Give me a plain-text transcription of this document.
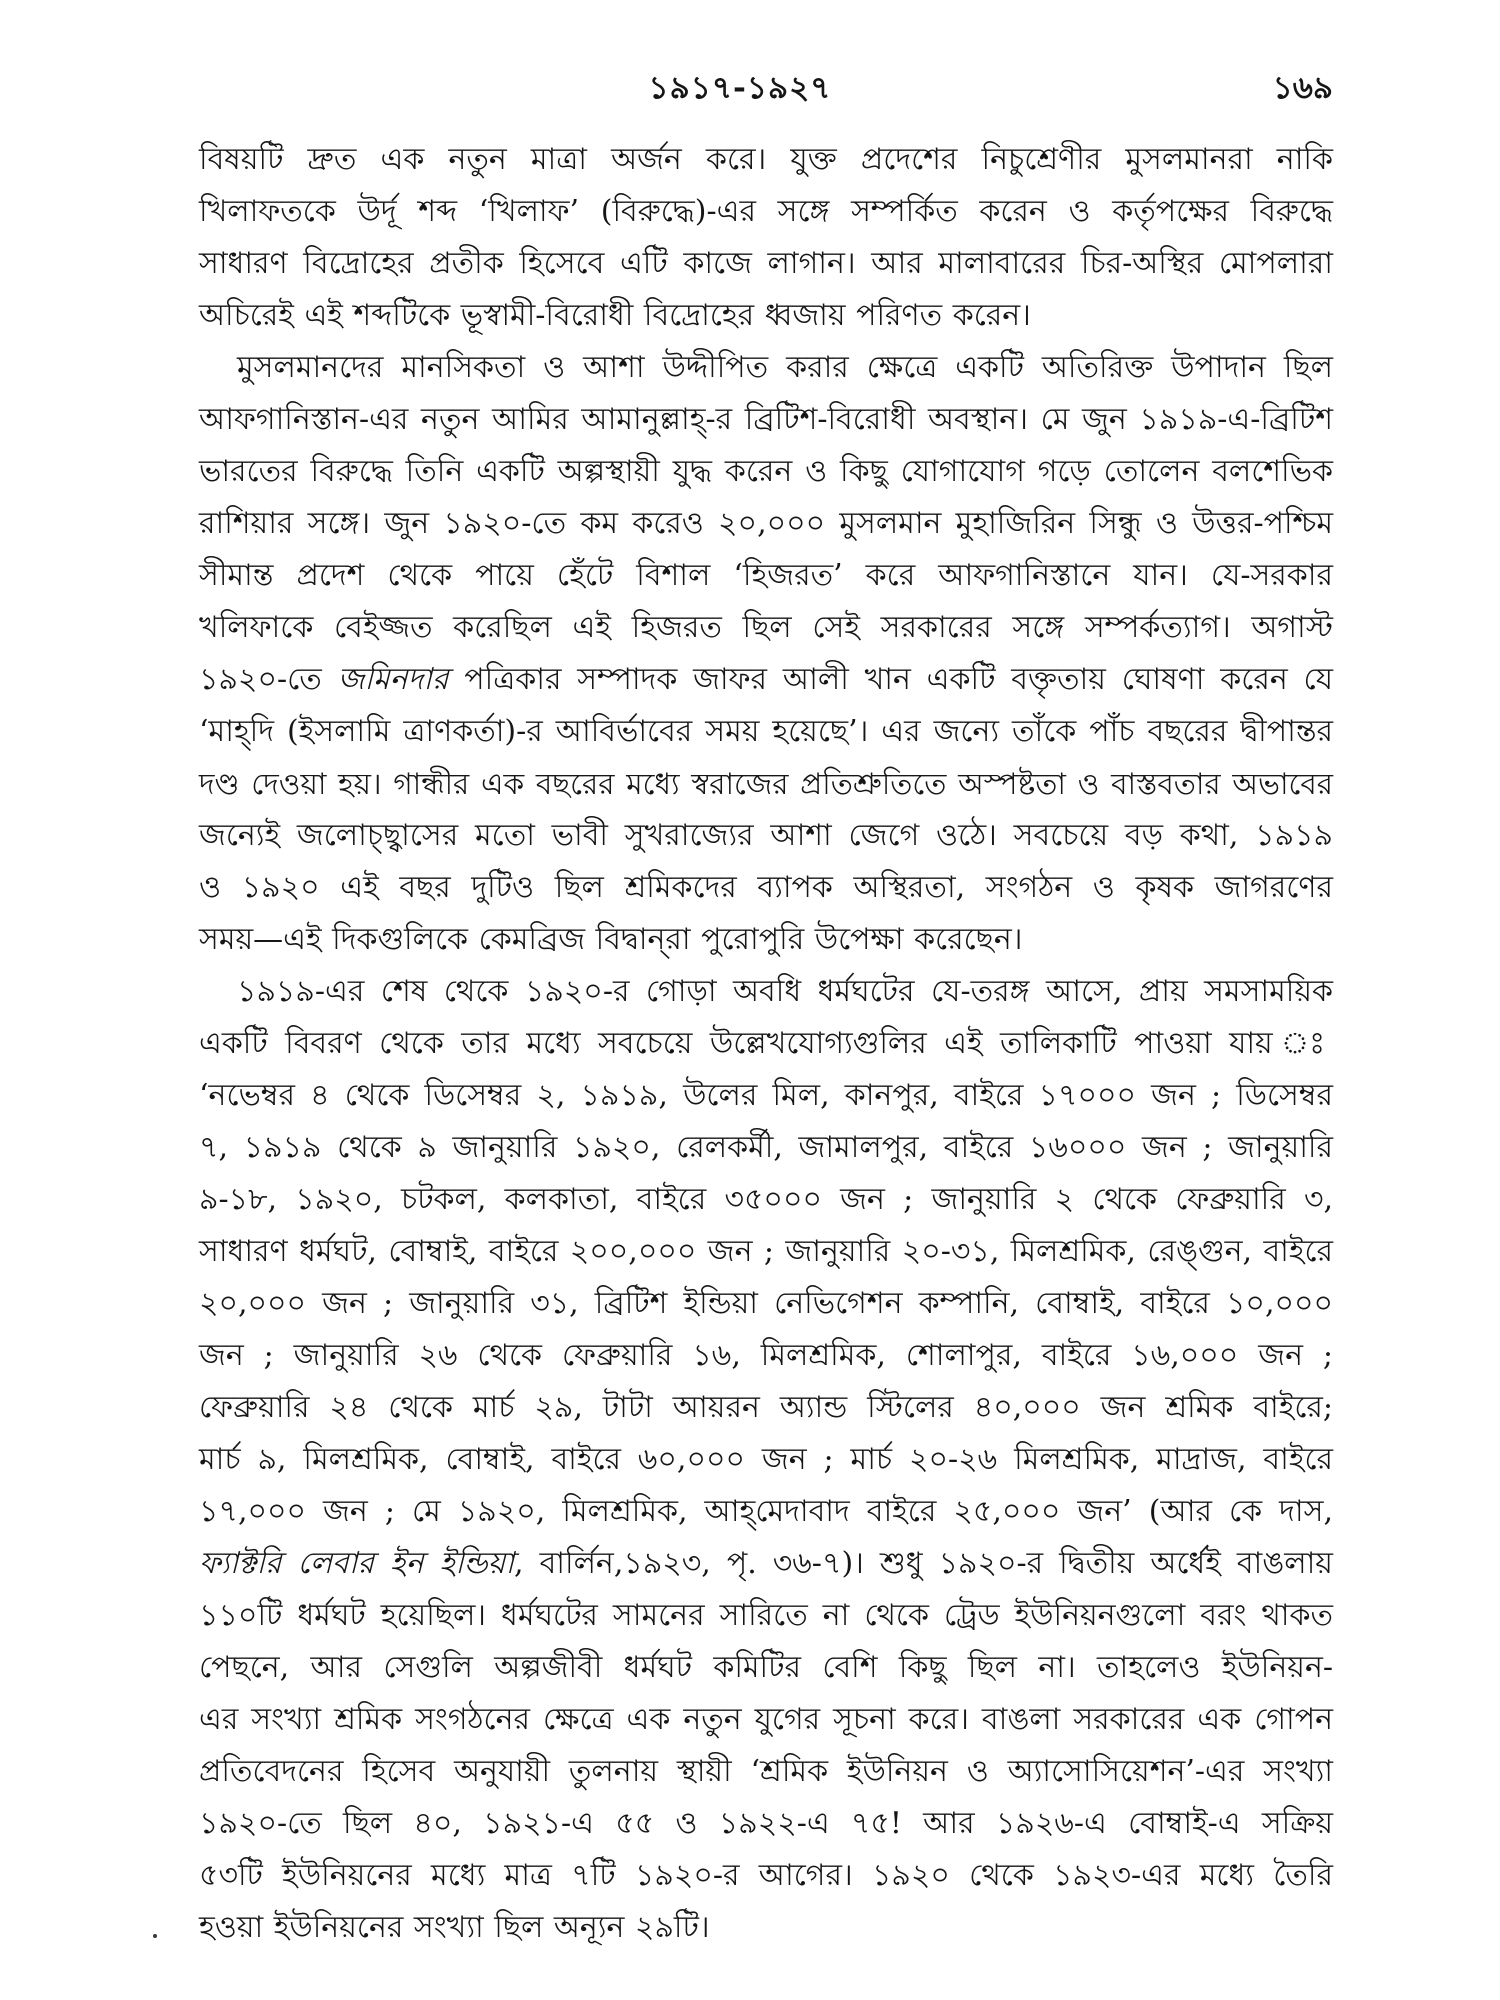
১৯১৭-১৯২৭	১৬৯
বিষয়টি দ্রুত এক নতুন মাত্রা অর্জন করে। যুক্ত প্রদেশের নিচুশ্রেণীর মুসলমানরা নাকি
খিলাফতকে উর্দূ শব্দ ‘খিলাফ’ (বিরুদ্ধে)-এর সঙ্গে সম্পর্কিত করেন ও কর্তৃপক্ষের বিরুদ্ধে
সাধারণ বিদ্রোহের প্রতীক হিসেবে এটি কাজে লাগান। আর মালাবারের চির-অস্থির মোপলারা
অচিরেই এই শব্দটিকে ভূস্বামী-বিরোধী বিদ্রোহের ধ্বজায় পরিণত করেন।
মুসলমানদের মানসিকতা ও আশা উদ্দীপিত করার ক্ষেত্রে একটি অতিরিক্ত উপাদান ছিল
আফগানিস্তান-এর নতুন আমির আমানুল্লাহ্-র ব্রিটিশ-বিরোধী অবস্থান। মে জুন ১৯১৯-এ-ব্রিটিশ
ভারতের বিরুদ্ধে তিনি একটি অল্পস্থায়ী যুদ্ধ করেন ও কিছু যোগাযোগ গড়ে তোলেন বলশেভিক
রাশিয়ার সঙ্গে। জুন ১৯২০-তে কম করেও ২০,০০০ মুসলমান মুহাজিরিন সিন্ধু ও উত্তর-পশ্চিম
সীমান্ত প্রদেশ থেকে পায়ে হেঁটে বিশাল ‘হিজরত’ করে আফগানিস্তানে যান। যে-সরকার
খলিফাকে বেইজ্জত করেছিল এই হিজরত ছিল সেই সরকারের সঙ্গে সম্পর্কত্যাগ। অগাস্ট
১৯২০-তে জমিনদার পত্রিকার সম্পাদক জাফর আলী খান একটি বক্তৃতায় ঘোষণা করেন যে
‘মাহ্‌দি (ইসলামি ত্রাণকর্তা)-র আবির্ভাবের সময় হয়েছে’। এর জন্যে তাঁকে পাঁচ বছরের দ্বীপান্তর
দণ্ড দেওয়া হয়। গান্ধীর এক বছরের মধ্যে স্বরাজের প্রতিশ্রুতিতে অস্পষ্টতা ও বাস্তবতার অভাবের
জন্যেই জলোচ্ছ্বাসের মতো ভাবী সুখরাজ্যের আশা জেগে ওঠে। সবচেয়ে বড় কথা, ১৯১৯
ও ১৯২০ এই বছর দুটিও ছিল শ্রমিকদের ব্যাপক অস্থিরতা, সংগঠন ও কৃষক জাগরণের
সময়—এই দিকগুলিকে কেমব্রিজ বিদ্বান্‌রা পুরোপুরি উপেক্ষা করেছেন।
১৯১৯-এর শেষ থেকে ১৯২০-র গোড়া অবধি ধর্মঘটের যে-তরঙ্গ আসে, প্রায় সমসাময়িক
একটি বিবরণ থেকে তার মধ্যে সবচেয়ে উল্লেখযোগ্যগুলির এই তালিকাটি পাওয়া যায় ঃ
‘নভেম্বর ৪ থেকে ডিসেম্বর ২, ১৯১৯, উলের মিল, কানপুর, বাইরে ১৭০০০ জন ; ডিসেম্বর
৭, ১৯১৯ থেকে ৯ জানুয়ারি ১৯২০, রেলকর্মী, জামালপুর, বাইরে ১৬০০০ জন ; জানুয়ারি
৯-১৮, ১৯২০, চটকল, কলকাতা, বাইরে ৩৫০০০ জন ; জানুয়ারি ২ থেকে ফেব্রুয়ারি ৩,
সাধারণ ধর্মঘট, বোম্বাই, বাইরে ২০০,০০০ জন ; জানুয়ারি ২০-৩১, মিলশ্রমিক, রেঙ্গুন, বাইরে
২০,০০০ জন ; জানুয়ারি ৩১, ব্রিটিশ ইন্ডিয়া নেভিগেশন কম্পানি, বোম্বাই, বাইরে ১০,০০০
জন ; জানুয়ারি ২৬ থেকে ফেব্রুয়ারি ১৬, মিলশ্রমিক, শোলাপুর, বাইরে ১৬,০০০ জন ;
ফেব্রুয়ারি ২৪ থেকে মার্চ ২৯, টাটা আয়রন অ্যান্ড স্টিলের ৪০,০০০ জন শ্রমিক বাইরে;
মার্চ ৯, মিলশ্রমিক, বোম্বাই, বাইরে ৬০,০০০ জন ; মার্চ ২০-২৬ মিলশ্রমিক, মাদ্রাজ, বাইরে
১৭,০০০ জন ; মে ১৯২০, মিলশ্রমিক, আহ্‌মেদাবাদ বাইরে ২৫,০০০ জন’ (আর কে দাস,
ফ্যাক্টরি লেবার ইন ইন্ডিয়া, বার্লিন,১৯২৩, পৃ. ৩৬-৭)। শুধু ১৯২০-র দ্বিতীয় অর্ধেই বাঙলায়
১১০টি ধর্মঘট হয়েছিল। ধর্মঘটের সামনের সারিতে না থেকে ট্রেড ইউনিয়নগুলো বরং থাকত
পেছনে, আর সেগুলি অল্পজীবী ধর্মঘট কমিটির বেশি কিছু ছিল না। তাহলেও ইউনিয়ন-
এর সংখ্যা শ্রমিক সংগঠনের ক্ষেত্রে এক নতুন যুগের সূচনা করে। বাঙলা সরকারের এক গোপন
প্রতিবেদনের হিসেব অনুযায়ী তুলনায় স্থায়ী ‘শ্রমিক ইউনিয়ন ও অ্যাসোসিয়েশন’-এর সংখ্যা
১৯২০-তে ছিল ৪০, ১৯২১-এ ৫৫ ও ১৯২২-এ ৭৫! আর ১৯২৬-এ বোম্বাই-এ সক্রিয়
৫৩টি ইউনিয়নের মধ্যে মাত্র ৭টি ১৯২০-র আগের। ১৯২০ থেকে ১৯২৩-এর মধ্যে তৈরি
হওয়া ইউনিয়নের সংখ্যা ছিল অন্যূন ২৯টি।
